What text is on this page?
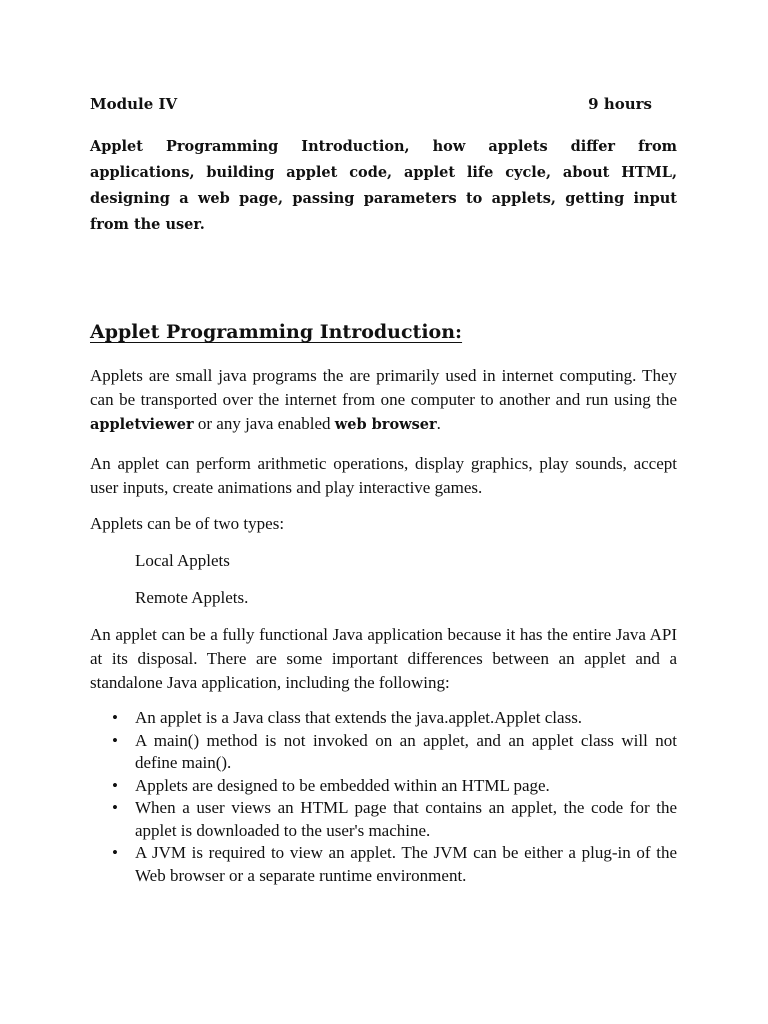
Module IV	9 hours

Applet Programming Introduction, how applets differ from applications, building applet code, applet life cycle, about HTML, designing a web page, passing parameters to applets, getting input from the user.

Applet Programming Introduction:

Applets are small java programs the are primarily used in internet computing. They can be transported over the internet from one computer to another and run using the appletviewer or any java enabled web browser.

An applet can perform arithmetic operations, display graphics, play sounds, accept user inputs, create animations and play interactive games.

Applets can be of two types:

Local Applets

Remote Applets.

An applet can be a fully functional Java application because it has the entire Java API at its disposal. There are some important differences between an applet and a standalone Java application, including the following:

• An applet is a Java class that extends the java.applet.Applet class.
• A main() method is not invoked on an applet, and an applet class will not define main().
• Applets are designed to be embedded within an HTML page.
• When a user views an HTML page that contains an applet, the code for the applet is downloaded to the user's machine.
• A JVM is required to view an applet. The JVM can be either a plug-in of the Web browser or a separate runtime environment.
